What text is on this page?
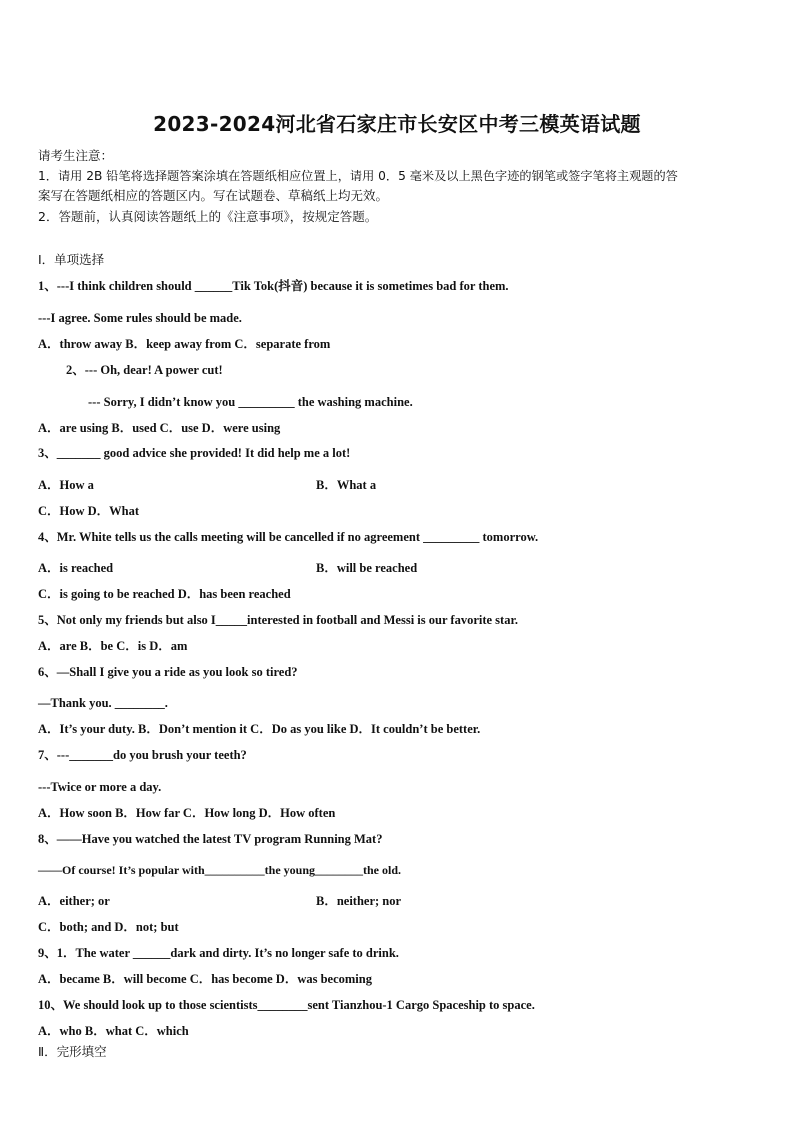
2023-2024河北省石家庄市长安区中考三模英语试题
请考生注意：
1．请用 2B 铅笔将选择题答案涂填在答题纸相应位置上，请用 0．5 毫米及以上黑色字迹的钢笔或签字笔将主观题的答
案写在答题纸相应的答题区内。写在试题卷、草稿纸上均无效。
2．答题前，认真阅读答题纸上的《注意事项》，按规定答题。
Ⅰ．单项选择
1、---I think children should ______Tik Tok(抖音) because it is sometimes bad for them.
---I agree. Some rules should be made.
A．throw away B．keep away from C．separate from
2、--- Oh, dear! A power cut!
--- Sorry, I didn’t know you _________ the washing machine.
A．are using B．used C．use D．were using
3、_______ good advice she provided! It did help me a lot!
A．How a	B．What a
C．How D．What
4、Mr. White tells us the calls meeting will be cancelled if no agreement _________ tomorrow.
A．is reached	B．will be reached
C．is going to be reached D．has been reached
5、Not only my friends but also I_____interested in football and Messi is our favorite star.
A．are B．be C．is D．am
6、—Shall I give you a ride as you look so tired?
—Thank you. ________.
A．It’s your duty. B．Don’t mention it C．Do as you like D．It couldn’t be better.
7、---_______do you brush your teeth?
---Twice or more a day.
A．How soon B．How far C．How long D．How often
8、——Have you watched the latest TV program Running Mat?
——Of course! It’s popular with__________the young________the old.
A．either; or	B．neither; nor
C．both; and D．not; but
9、1．The water ______dark and dirty. It’s no longer safe to drink.
A．became B．will become C．has become D．was becoming
10、We should look up to those scientists________sent Tianzhou-1 Cargo Spaceship to space.
A．who B．what C．which
Ⅱ．完形填空
